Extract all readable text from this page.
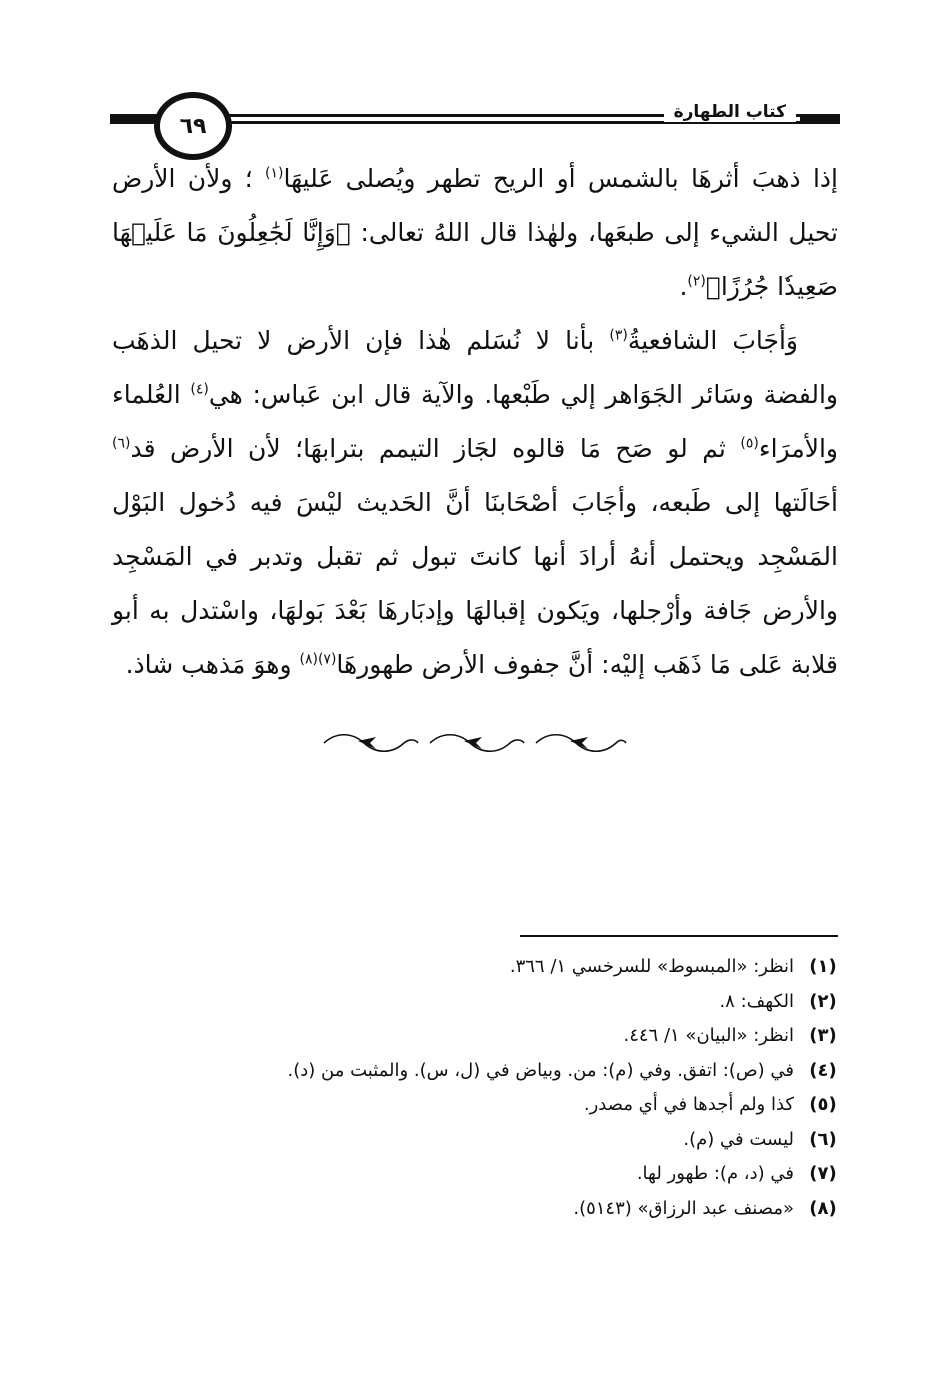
كتاب الطهارة
٦٩

إذا ذهبَ أثرهَا بالشمس أو الريح تطهر ويُصلى عَليهَا$^{(١)}$ ؛ ولأن الأرض تحيل الشيء إلى طبعَها، ولهٰذا قال اللهُ تعالى: ﴿وَإِنَّا لَجَٰعِلُونَ مَا عَلَيۡهَا صَعِيدٗا جُرُزًا﴾$^{(٢)}$.

وَأجَابَ الشافعيةُ$^{(٣)}$ بأنا لا نُسَلم هٰذا فإن الأرض لا تحيل الذهَب والفضة وسَائر الجَوَاهر إلي طَبْعها. والآية قال ابن عَباس: هي$^{(٤)}$ العُلماء والأمرَاء$^{(٥)}$ ثم لو صَح مَا قالوه لجَاز التيمم بترابهَا؛ لأن الأرض قد$^{(٦)}$ أحَالَتها إلى طَبعه، وأجَابَ أصْحَابنَا أنَّ الحَديث ليْسَ فيه دُخول البَوْل المَسْجِد ويحتمل أنهُ أرادَ أنها كانتَ تبول ثم تقبل وتدبر في المَسْجِد والأرض جَافة وأرْجلها، ويَكون إقبالهَا وإدبَارهَا بَعْدَ بَولهَا، واسْتدل به أبو قلابة عَلى مَا ذَهَب إليْه: أنَّ جفوف الأرض طهورهَا$^{(٧)(٨)}$ وهوَ مَذهب شاذ.

(١)
انظر: «المبسوط» للسرخسي ١/ ٣٦٦.
(٢)
الكهف: ٨.
(٣)
انظر: «البيان» ١/ ٤٤٦.
(٤)
في (ص): اتفق. وفي (م): من. وبياض في (ل، س). والمثبت من (د).
(٥)
كذا ولم أجدها في أي مصدر.
(٦)
ليست في (م).
(٧)
في (د، م): طهور لها.
(٨)
«مصنف عبد الرزاق» (٥١٤٣).
